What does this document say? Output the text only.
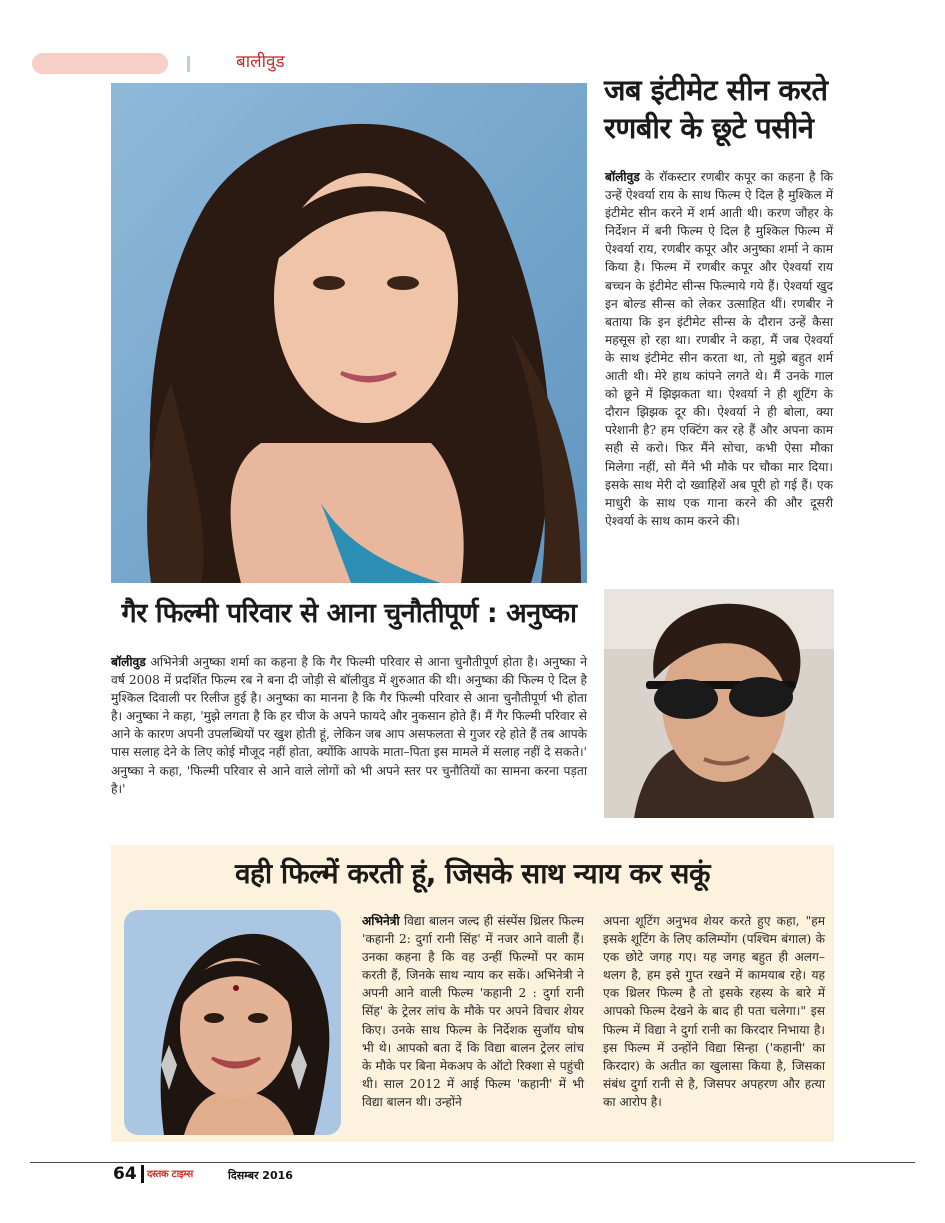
बालीवुड
जब इंटीमेट सीन करते
रणबीर के छूटे पसीने
बॉलीवुड के रॉकस्टार रणबीर कपूर का कहना है कि उन्हें ऐश्वर्या राय के साथ फिल्म ऐ दिल है मुश्किल में इंटीमेट सीन करने में शर्म आती थी। करण जौहर के निर्देशन में बनी फिल्म ऐ दिल है मुश्किल फिल्म में ऐश्वर्या राय, रणबीर कपूर और अनुष्का शर्मा ने काम किया है। फिल्म में रणबीर कपूर और ऐश्वर्या राय बच्चन के इंटीमेट सीन्स फिल्माये गये हैं। ऐश्वर्या खुद इन बोल्ड सीन्स को लेकर उत्साहित थीं। रणबीर ने बताया कि इन इंटीमेट सीन्स के दौरान उन्हें कैसा महसूस हो रहा था। रणबीर ने कहा, मैं जब ऐश्वर्या के साथ इंटीमेट सीन करता था, तो मुझे बहुत शर्म आती थी। मेरे हाथ कांपने लगते थे। मैं उनके गाल को छूने में झिझकता था। ऐश्वर्या ने ही शूटिंग के दौरान झिझक दूर की। ऐश्वर्या ने ही बोला, क्या परेशानी है? हम एक्टिंग कर रहे हैं और अपना काम सही से करो। फिर मैंने सोचा, कभी ऐसा मौका मिलेगा नहीं, सो मैंने भी मौके पर चौका मार दिया। इसके साथ मेरी दो ख्वाहिशें अब पूरी हो गई हैं। एक माधुरी के साथ एक गाना करने की और दूसरी ऐश्वर्या के साथ काम करने की।
गैर फिल्मी परिवार से आना चुनौतीपूर्ण : अनुष्का
बॉलीवुड अभिनेत्री अनुष्का शर्मा का कहना है कि गैर फिल्मी परिवार से आना चुनौतीपूर्ण होता है। अनुष्का ने वर्ष 2008 में प्रदर्शित फिल्म रब ने बना दी जोड़ी से बॉलीवुड में शुरुआत की थी। अनुष्का की फिल्म ऐ दिल है मुश्किल दिवाली पर रिलीज हुई है। अनुष्का का मानना है कि गैर फिल्मी परिवार से आना चुनौतीपूर्ण भी होता है। अनुष्का ने कहा, 'मुझे लगता है कि हर चीज के अपने फायदे और नुकसान होते हैं। मैं गैर फिल्मी परिवार से आने के कारण अपनी उपलब्धियों पर खुश होती हूं, लेकिन जब आप असफलता से गुजर रहे होते हैं तब आपके पास सलाह देने के लिए कोई मौजूद नहीं होता, क्योंकि आपके माता–पिता इस मामले में सलाह नहीं दे सकते।' अनुष्का ने कहा, 'फिल्मी परिवार से आने वाले लोगों को भी अपने स्तर पर चुनौतियों का सामना करना पड़ता है।'
वही फिल्में करती हूं, जिसके साथ न्याय कर सकूं
अभिनेत्री विद्या बालन जल्द ही संस्पेंस थ्रिलर फिल्म 'कहानी 2: दुर्गा रानी सिंह' में नजर आने वाली हैं। उनका कहना है कि वह उन्हीं फिल्मों पर काम करती हैं, जिनके साथ न्याय कर सकें। अभिनेत्री ने अपनी आने वाली फिल्म 'कहानी 2 : दुर्गा रानी सिंह' के ट्रेलर लांच के मौके पर अपने विचार शेयर किए। उनके साथ फिल्म के निर्देशक सुजॉय घोष भी थे। आपको बता दें कि विद्या बालन ट्रेलर लांच के मौके पर बिना मेकअप के ऑटो रिक्शा से पहुंची थी। साल 2012 में आई फिल्म 'कहानी' में भी विद्या बालन थी। उन्होंने
अपना शूटिंग अनुभव शेयर करते हुए कहा, "हम इसके शूटिंग के लिए कलिम्पोंग (पश्चिम बंगाल) के एक छोटे जगह गए। यह जगह बहुत ही अलग–थलग है, हम इसे गुप्त रखने में कामयाब रहे। यह एक थ्रिलर फिल्म है तो इसके रहस्य के बारे में आपको फिल्म देखने के बाद ही पता चलेगा।" इस फिल्म में विद्या ने दुर्गा रानी का किरदार निभाया है। इस फिल्म में उन्होंने विद्या सिन्हा ('कहानी' का किरदार) के अतीत का खुलासा किया है, जिसका संबंध दुर्गा रानी से है, जिसपर अपहरण और हत्या का आरोप है।
64 दस्तक टाइम्स	दिसम्बर 2016
